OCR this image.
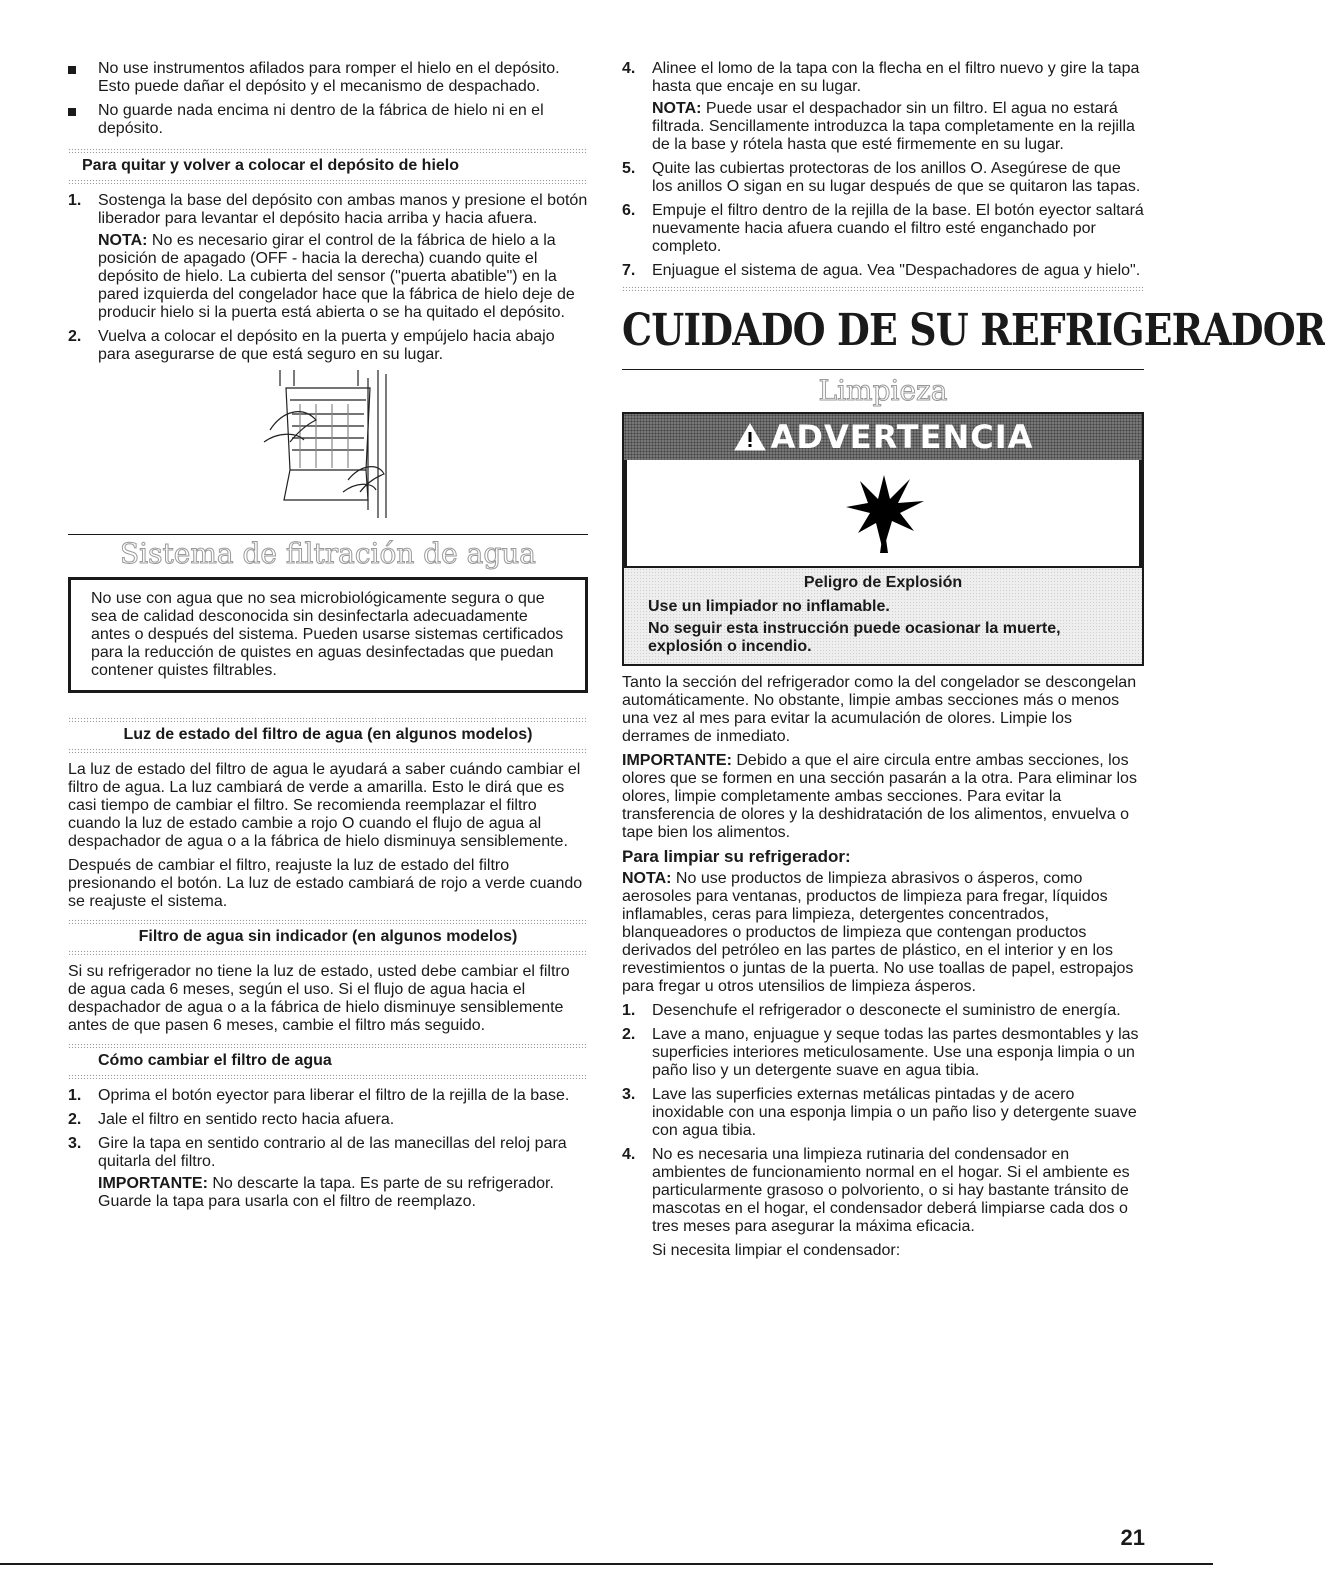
No use instrumentos afilados para romper el hielo en el depósito. Esto puede dañar el depósito y el mecanismo de despachado.
No guarde nada encima ni dentro de la fábrica de hielo ni en el depósito.
Para quitar y volver a colocar el depósito de hielo
1. Sostenga la base del depósito con ambas manos y presione el botón liberador para levantar el depósito hacia arriba y hacia afuera.
NOTA: No es necesario girar el control de la fábrica de hielo a la posición de apagado (OFF - hacia la derecha) cuando quite el depósito de hielo. La cubierta del sensor ("puerta abatible") en la pared izquierda del congelador hace que la fábrica de hielo deje de producir hielo si la puerta está abierta o se ha quitado el depósito.
2. Vuelva a colocar el depósito en la puerta y empújelo hacia abajo para asegurarse de que está seguro en su lugar.
Sistema de filtración de agua
No use con agua que no sea microbiológicamente segura o que sea de calidad desconocida sin desinfectarla adecuadamente antes o después del sistema. Pueden usarse sistemas certificados para la reducción de quistes en aguas desinfectadas que puedan contener quistes filtrables.
Luz de estado del filtro de agua (en algunos modelos)

La luz de estado del filtro de agua le ayudará a saber cuándo cambiar el filtro de agua. La luz cambiará de verde a amarilla. Esto le dirá que es casi tiempo de cambiar el filtro. Se recomienda reemplazar el filtro cuando la luz de estado cambie a rojo O cuando el flujo de agua al despachador de agua o a la fábrica de hielo disminuya sensiblemente.

Después de cambiar el filtro, reajuste la luz de estado del filtro presionando el botón. La luz de estado cambiará de rojo a verde cuando se reajuste el sistema.

Filtro de agua sin indicador (en algunos modelos)

Si su refrigerador no tiene la luz de estado, usted debe cambiar el filtro de agua cada 6 meses, según el uso. Si el flujo de agua hacia el despachador de agua o a la fábrica de hielo disminuye sensiblemente antes de que pasen 6 meses, cambie el filtro más seguido.

Cómo cambiar el filtro de agua
1. Oprima el botón eyector para liberar el filtro de la rejilla de la base.
2. Jale el filtro en sentido recto hacia afuera.
3. Gire la tapa en sentido contrario al de las manecillas del reloj para quitarla del filtro.
IMPORTANTE: No descarte la tapa. Es parte de su refrigerador. Guarde la tapa para usarla con el filtro de reemplazo.
4. Alinee el lomo de la tapa con la flecha en el filtro nuevo y gire la tapa hasta que encaje en su lugar.
NOTA: Puede usar el despachador sin un filtro. El agua no estará filtrada. Sencillamente introduzca la tapa completamente en la rejilla de la base y rótela hasta que esté firmemente en su lugar.
5. Quite las cubiertas protectoras de los anillos O. Asegúrese de que los anillos O sigan en su lugar después de que se quitaron las tapas.
6. Empuje el filtro dentro de la rejilla de la base. El botón eyector saltará nuevamente hacia afuera cuando el filtro esté enganchado por completo.
7. Enjuague el sistema de agua. Vea "Despachadores de agua y hielo".
CUIDADO DE SU REFRIGERADOR
Limpieza
ADVERTENCIA
Peligro de Explosión
Use un limpiador no inflamable.
No seguir esta instrucción puede ocasionar la muerte, explosión o incendio.

Tanto la sección del refrigerador como la del congelador se descongelan automáticamente. No obstante, limpie ambas secciones más o menos una vez al mes para evitar la acumulación de olores. Limpie los derrames de inmediato.

IMPORTANTE: Debido a que el aire circula entre ambas secciones, los olores que se formen en una sección pasarán a la otra. Para eliminar los olores, limpie completamente ambas secciones. Para evitar la transferencia de olores y la deshidratación de los alimentos, envuelva o tape bien los alimentos.

Para limpiar su refrigerador:

NOTA: No use productos de limpieza abrasivos o ásperos, como aerosoles para ventanas, productos de limpieza para fregar, líquidos inflamables, ceras para limpieza, detergentes concentrados, blanqueadores o productos de limpieza que contengan productos derivados del petróleo en las partes de plástico, en el interior y en los revestimientos o juntas de la puerta. No use toallas de papel, estropajos para fregar u otros utensilios de limpieza ásperos.

1. Desenchufe el refrigerador o desconecte el suministro de energía.
2. Lave a mano, enjuague y seque todas las partes desmontables y las superficies interiores meticulosamente. Use una esponja limpia o un paño liso y un detergente suave en agua tibia.
3. Lave las superficies externas metálicas pintadas y de acero inoxidable con una esponja limpia o un paño liso y detergente suave con agua tibia.
4. No es necesaria una limpieza rutinaria del condensador en ambientes de funcionamiento normal en el hogar. Si el ambiente es particularmente grasoso o polvoriento, o si hay bastante tránsito de mascotas en el hogar, el condensador deberá limpiarse cada dos o tres meses para asegurar la máxima eficacia.
Si necesita limpiar el condensador:
21
